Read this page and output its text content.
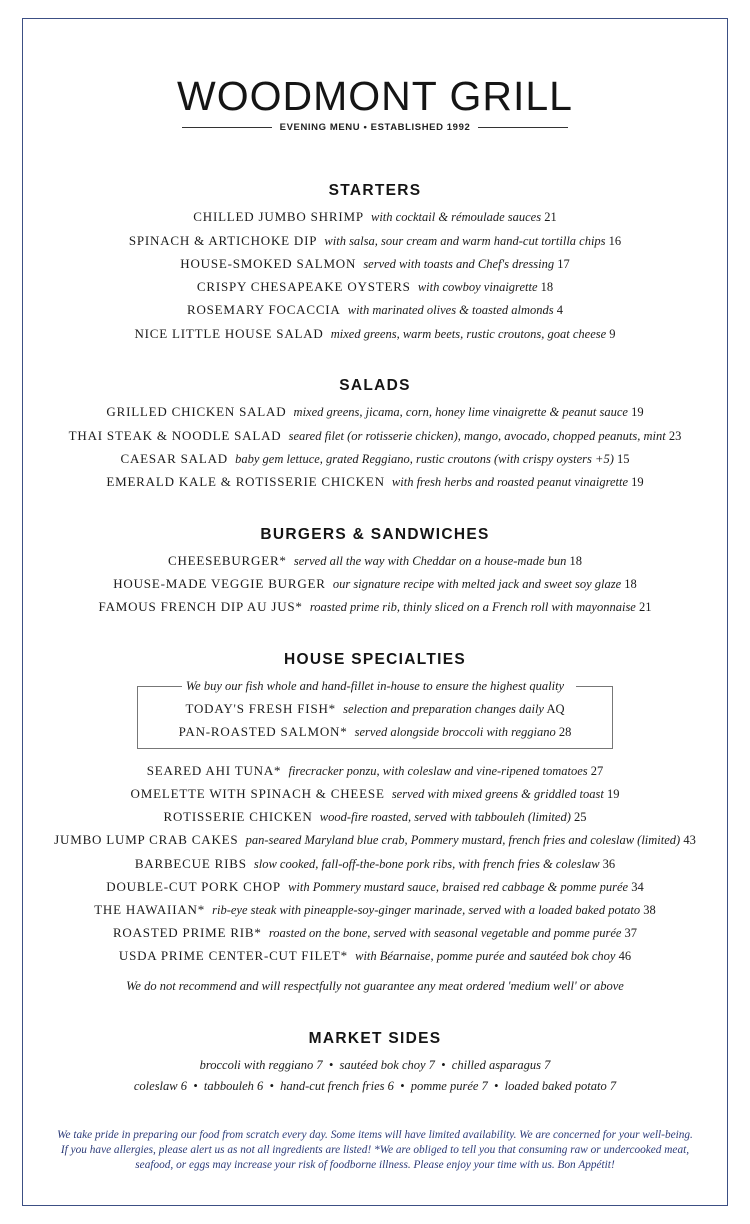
WOODMONT GRILL
EVENING MENU • ESTABLISHED 1992
STARTERS
CHILLED JUMBO SHRIMP with cocktail & rémoulade sauces 21
SPINACH & ARTICHOKE DIP with salsa, sour cream and warm hand-cut tortilla chips 16
HOUSE-SMOKED SALMON served with toasts and Chef's dressing 17
CRISPY CHESAPEAKE OYSTERS with cowboy vinaigrette 18
ROSEMARY FOCACCIA with marinated olives & toasted almonds 4
NICE LITTLE HOUSE SALAD mixed greens, warm beets, rustic croutons, goat cheese 9
SALADS
GRILLED CHICKEN SALAD mixed greens, jicama, corn, honey lime vinaigrette & peanut sauce 19
THAI STEAK & NOODLE SALAD seared filet (or rotisserie chicken), mango, avocado, chopped peanuts, mint 23
CAESAR SALAD baby gem lettuce, grated Reggiano, rustic croutons (with crispy oysters +5) 15
EMERALD KALE & ROTISSERIE CHICKEN with fresh herbs and roasted peanut vinaigrette 19
BURGERS & SANDWICHES
CHEESEBURGER* served all the way with Cheddar on a house-made bun 18
HOUSE-MADE VEGGIE BURGER our signature recipe with melted jack and sweet soy glaze 18
FAMOUS FRENCH DIP AU JUS* roasted prime rib, thinly sliced on a French roll with mayonnaise 21
HOUSE SPECIALTIES
We buy our fish whole and hand-fillet in-house to ensure the highest quality
TODAY'S FRESH FISH* selection and preparation changes daily AQ
PAN-ROASTED SALMON* served alongside broccoli with reggiano 28
SEARED AHI TUNA* firecracker ponzu, with coleslaw and vine-ripened tomatoes 27
OMELETTE WITH SPINACH & CHEESE served with mixed greens & griddled toast 19
ROTISSERIE CHICKEN wood-fire roasted, served with tabbouleh (limited) 25
JUMBO LUMP CRAB CAKES pan-seared Maryland blue crab, Pommery mustard, french fries and coleslaw (limited) 43
BARBECUE RIBS slow cooked, fall-off-the-bone pork ribs, with french fries & coleslaw 36
DOUBLE-CUT PORK CHOP with Pommery mustard sauce, braised red cabbage & pomme purée 34
THE HAWAIIAN* rib-eye steak with pineapple-soy-ginger marinade, served with a loaded baked potato 38
ROASTED PRIME RIB* roasted on the bone, served with seasonal vegetable and pomme purée 37
USDA PRIME CENTER-CUT FILET* with Béarnaise, pomme purée and sautéed bok choy 46
We do not recommend and will respectfully not guarantee any meat ordered 'medium well' or above
MARKET SIDES
broccoli with reggiano 7  •  sautéed bok choy 7  •  chilled asparagus 7
coleslaw 6  •  tabbouleh 6  •  hand-cut french fries 6  •  pomme purée 7  •  loaded baked potato 7
We take pride in preparing our food from scratch every day. Some items will have limited availability. We are concerned for your well-being.
If you have allergies, please alert us as not all ingredients are listed! *We are obliged to tell you that consuming raw or undercooked meat,
seafood, or eggs may increase your risk of foodborne illness. Please enjoy your time with us. Bon Appétit!
